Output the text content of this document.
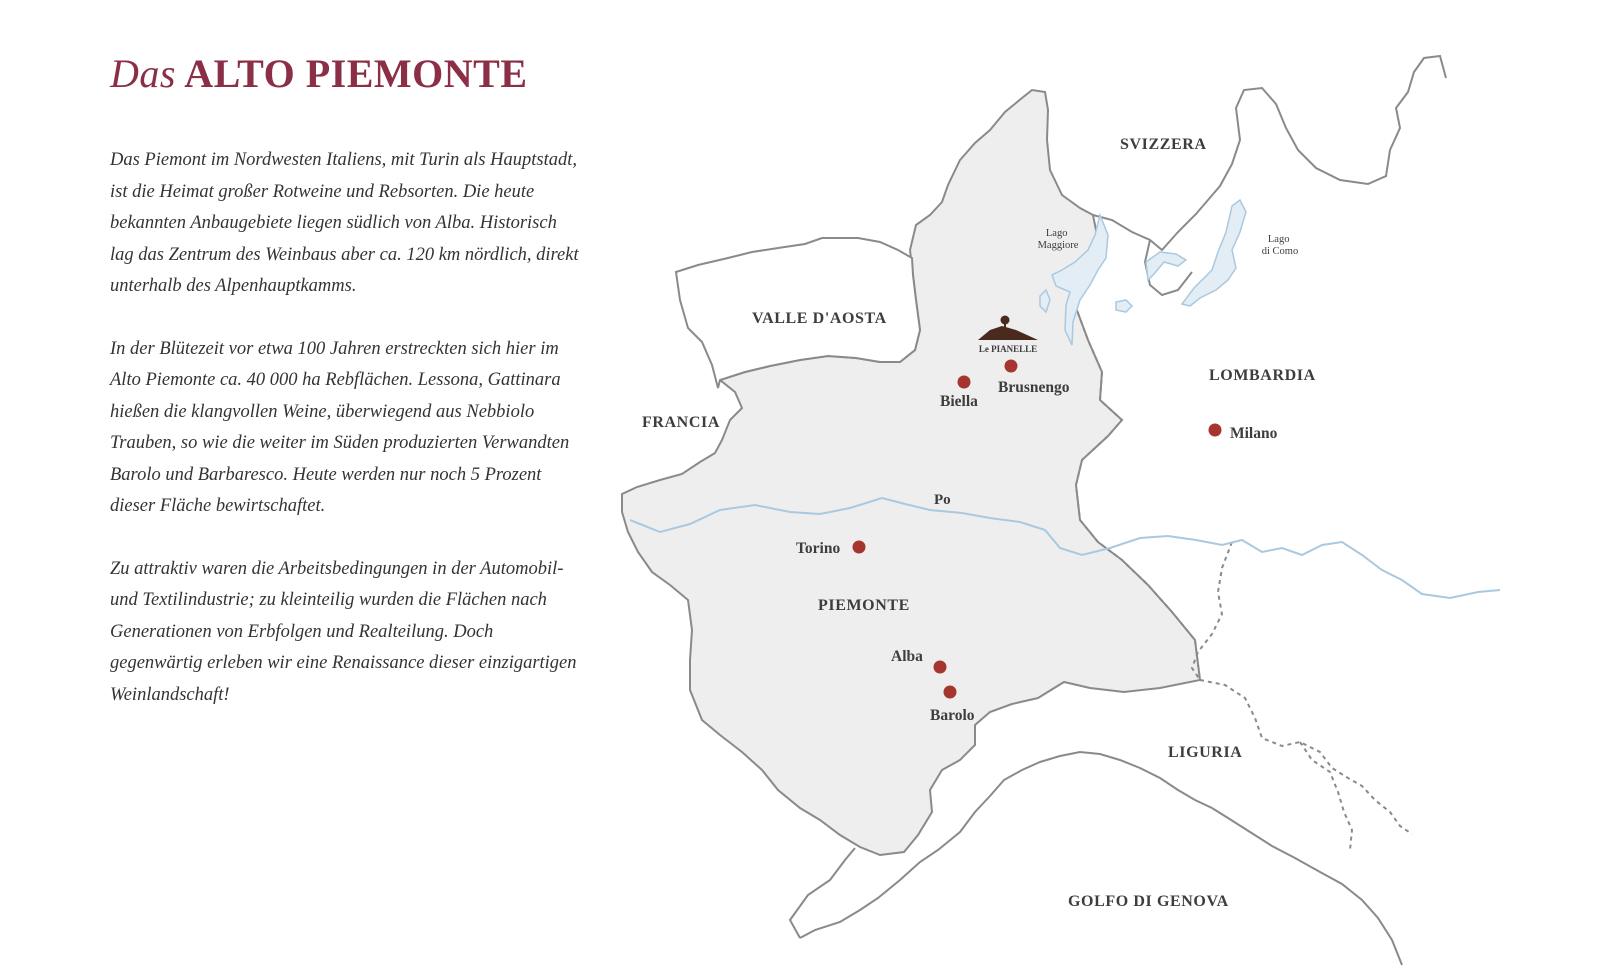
Das ALTO PIEMONTE

Das Piemont im Nordwesten Italiens, mit Turin als Hauptstadt, ist die Heimat großer Rotweine und Rebsorten. Die heute bekannten Anbaugebiete liegen südlich von Alba. Historisch lag das Zentrum des Weinbaus aber ca. 120 km nördlich, direkt unterhalb des Alpenhauptkamms.

In der Blütezeit vor etwa 100 Jahren erstreckten sich hier im Alto Piemonte ca. 40 000 ha Rebflächen. Lessona, Gattinara hießen die klangvollen Weine, überwiegend aus Nebbiolo Trauben, so wie die weiter im Süden produzierten Verwandten Barolo und Barbaresco. Heute werden nur noch 5 Prozent dieser Fläche bewirtschaftet.

Zu attraktiv waren die Arbeitsbedingungen in der Automobil- und Textilindustrie; zu kleinteilig wurden die Flächen nach Generationen von Erbfolgen und Realteilung. Doch gegenwärtig erleben wir eine Renaissance dieser einzigartigen Weinlandschaft!

Le PIANELLE
SVIZZERA
VALLE D'AOSTA
FRANCIA
LOMBARDIA
PIEMONTE
LIGURIA
GOLFO DI GENOVA
Lago Maggiore
Lago di Como
Po
Biella
Brusnengo
Milano
Torino
Alba
Barolo
